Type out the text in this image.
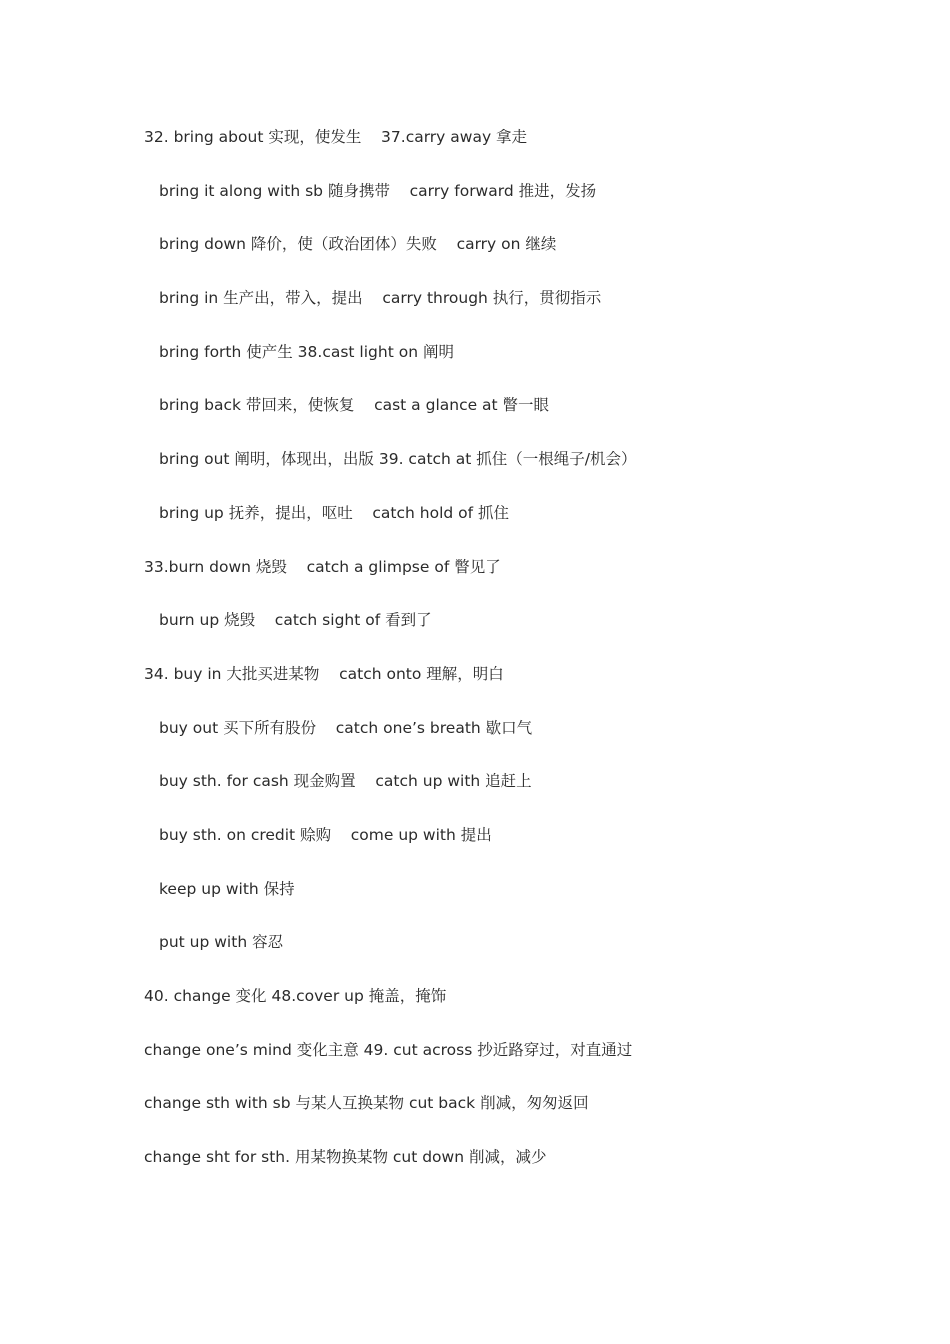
32. bring about 实现，使发生    37.carry away 拿走
bring it along with sb 随身携带    carry forward 推进，发扬
bring down 降价，使（政治团体）失败    carry on 继续
bring in 生产出，带入，提出    carry through 执行，贯彻指示
bring forth 使产生 38.cast light on 阐明
bring back 带回来，使恢复    cast a glance at 瞥一眼
bring out 阐明，体现出，出版 39. catch at 抓住（一根绳子/机会）
bring up 抚养，提出，呕吐    catch hold of 抓住
33.burn down 烧毁    catch a glimpse of 瞥见了
burn up 烧毁    catch sight of 看到了
34. buy in 大批买进某物    catch onto 理解，明白
buy out 买下所有股份    catch one’s breath 歇口气
buy sth. for cash 现金购置    catch up with 追赶上
buy sth. on credit 赊购    come up with 提出
keep up with 保持
put up with 容忍
40. change 变化 48.cover up 掩盖，掩饰
change one’s mind 变化主意 49. cut across 抄近路穿过，对直通过
change sth with sb 与某人互换某物 cut back 削减，匆匆返回
change sht for sth. 用某物换某物 cut down 削减，减少
